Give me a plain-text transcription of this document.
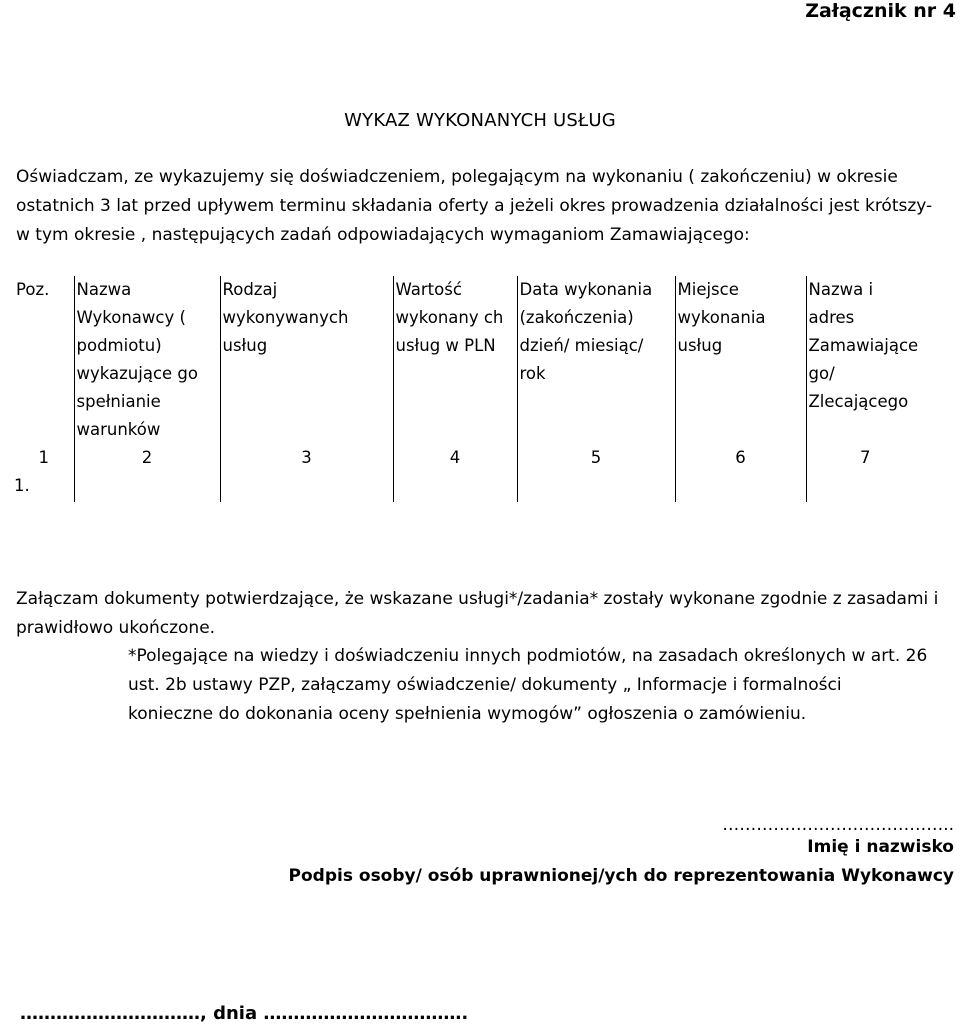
Załącznik nr 4
WYKAZ WYKONANYCH USŁUG
Oświadczam, ze wykazujemy się doświadczeniem, polegającym na wykonaniu ( zakończeniu) w okresie ostatnich 3 lat przed upływem terminu składania oferty a jeżeli okres prowadzenia działalności jest krótszy- w tym okresie , następujących zadań odpowiadających wymaganiom Zamawiającego:
Poz.	Nazwa Wykonawcy ( podmiotu) wykazujące go spełnianie warunków	Rodzaj wykonywanych usług	Wartość wykonany ch usług w PLN	Data wykonania (zakończenia) dzień/ miesiąc/ rok	Miejsce wykonania usług	Nazwa i adres Zamawiające go/ Zlecającego
1	2	3	4	5	6	7
1.						
Załączam dokumenty potwierdzające, że wskazane usługi*/zadania* zostały wykonane zgodnie z zasadami i prawidłowo ukończone.
*Polegające na wiedzy i doświadczeniu innych podmiotów, na zasadach określonych w art. 26 ust. 2b ustawy PZP, załączamy oświadczenie/ dokumenty „ Informacje i formalności konieczne do dokonania oceny spełnienia wymogów” ogłoszenia o zamówieniu.
…………………………………..
Imię i nazwisko
Podpis osoby/ osób uprawnionej/ych do reprezentowania Wykonawcy
…………………………, dnia …………………………….
